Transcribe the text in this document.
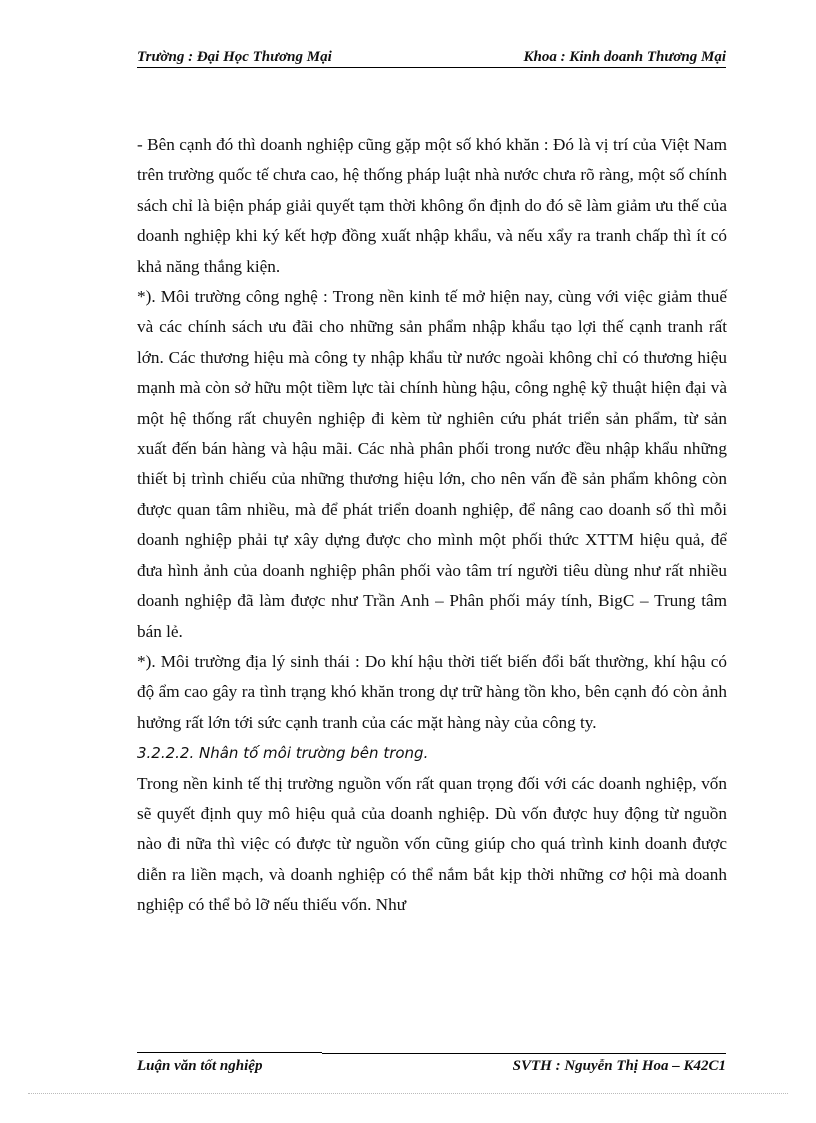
Trường : Đại Học Thương Mại	Khoa : Kinh doanh Thương Mại

- Bên cạnh đó thì doanh nghiệp cũng gặp một số khó khăn : Đó là vị trí của Việt Nam trên trường quốc tế chưa cao, hệ thống pháp luật nhà nước chưa rõ ràng, một số chính sách chỉ là biện pháp giải quyết tạm thời không ổn định do đó sẽ làm giảm ưu thế của doanh nghiệp khi ký kết hợp đồng xuất nhập khẩu, và nếu xẩy ra tranh chấp thì ít có khả năng thắng kiện.

*). Môi trường công nghệ : Trong nền kinh tế mở hiện nay, cùng với việc giảm thuế và các chính sách ưu đãi cho những sản phẩm nhập khẩu tạo lợi thế cạnh tranh rất lớn. Các thương hiệu mà công ty nhập khẩu từ nước ngoài không chỉ có thương hiệu mạnh mà còn sở hữu một tiềm lực tài chính hùng hậu, công nghệ kỹ thuật hiện đại và một hệ thống rất chuyên nghiệp đi kèm từ nghiên cứu phát triển sản phẩm, từ sản xuất đến bán hàng và hậu mãi. Các nhà phân phối trong nước đều nhập khẩu những thiết bị trình chiếu của những thương hiệu lớn, cho nên vấn đề sản phẩm không còn được quan tâm nhiều, mà để phát triển doanh nghiệp, để nâng cao doanh số thì mỗi doanh nghiệp phải tự xây dựng được cho mình một phối thức XTTM hiệu quả, để đưa hình ảnh của doanh nghiệp phân phối vào tâm trí người tiêu dùng như rất nhiều doanh nghiệp đã làm được như Trần Anh – Phân phối máy tính, BigC – Trung tâm bán lẻ.

*). Môi trường địa lý sinh thái : Do khí hậu thời tiết biến đổi bất thường, khí hậu có độ ẩm cao gây ra tình trạng khó khăn trong dự trữ hàng tồn kho, bên cạnh đó còn ảnh hưởng rất lớn tới sức cạnh tranh của các mặt hàng này của công ty.

3.2.2.2. Nhân tố môi trường bên trong.

Trong nền kinh tế thị trường nguồn vốn rất quan trọng đối với các doanh nghiệp, vốn sẽ quyết định quy mô hiệu quả của doanh nghiệp. Dù vốn được huy động từ nguồn nào đi nữa thì việc có được từ nguồn vốn cũng giúp cho quá trình kinh doanh được diễn ra liền mạch, và doanh nghiệp có thể nắm bắt kịp thời những cơ hội mà doanh nghiệp có thể bỏ lỡ nếu thiếu vốn. Như

Luận văn tốt nghiệp	SVTH : Nguyễn Thị Hoa – K42C1
